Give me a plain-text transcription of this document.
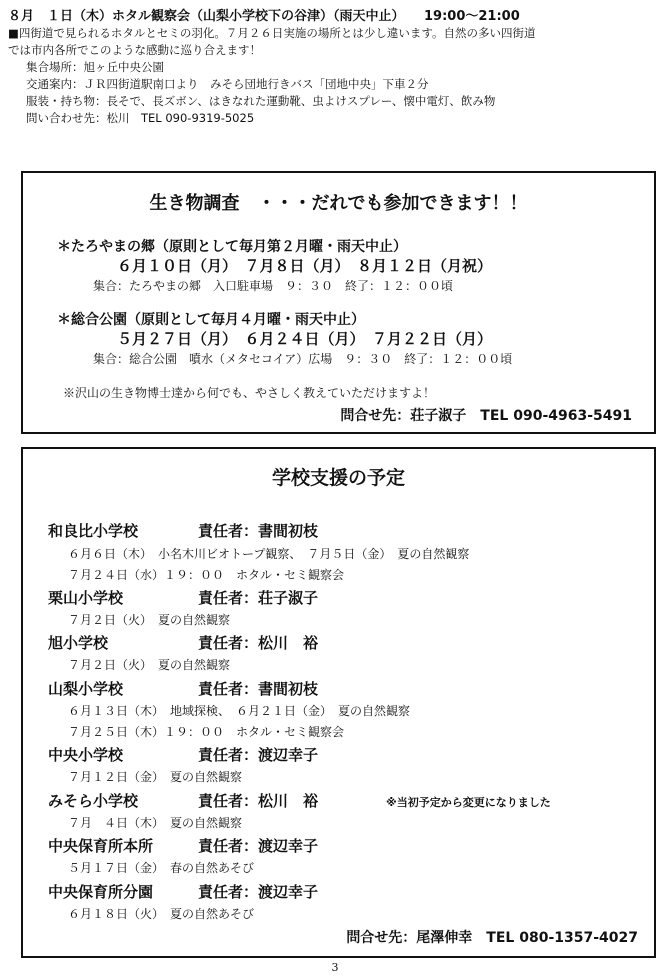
８月　１日（木）ホタル観察会（山梨小学校下の谷津）（雨天中止）　　19:00～21:00
■四街道で見られるホタルとセミの羽化。７月２６日実施の場所とは少し違います。自然の多い四街道
では市内各所でこのような感動に巡り合えます！
集合場所：旭ヶ丘中央公園
交通案内：ＪＲ四街道駅南口より　みそら団地行きバス「団地中央」下車２分
服装・持ち物：長そで、長ズボン、はきなれた運動靴、虫よけスプレー、懐中電灯、飲み物
問い合わせ先：松川　TEL 090-9319-5025
生き物調査　・・・だれでも参加できます！！
＊たろやまの郷（原則として毎月第２月曜・雨天中止）
６月１０日（月）　７月８日（月）　８月１２日（月祝）
集合：たろやまの郷　入口駐車場　９：３０　終了：１２：００頃
＊総合公園（原則として毎月４月曜・雨天中止）
５月２７日（月）　６月２４日（月）　７月２２日（月）
集合：総合公園　噴水（メタセコイア）広場　９：３０　終了：１２：００頃
※沢山の生き物博士達から何でも、やさしく教えていただけますよ！
問合せ先：荘子淑子　TEL 090-4963-5491
学校支援の予定
和良比小学校	責任者：書間初枝
６月６日（木）　小名木川ビオトープ観察、　７月５日（金）　夏の自然観察
７月２４日（水）１９：００　ホタル・セミ観察会
栗山小学校	責任者：荘子淑子
７月２日（火）　夏の自然観察
旭小学校	責任者：松川　裕
７月２日（火）　夏の自然観察
山梨小学校	責任者：書間初枝
６月１３日（木）　地域探検、　６月２１日（金）　夏の自然観察
７月２５日（木）１９：００　ホタル・セミ観察会
中央小学校	責任者：渡辺幸子
７月１２日（金）　夏の自然観察
みそら小学校	責任者：松川　裕	※当初予定から変更になりました
７月　４日（木）　夏の自然観察
中央保育所本所	責任者：渡辺幸子
５月１７日（金）　春の自然あそび
中央保育所分園	責任者：渡辺幸子
６月１８日（火）　夏の自然あそび
問合せ先：尾澤伸幸　TEL 080-1357-4027
3
